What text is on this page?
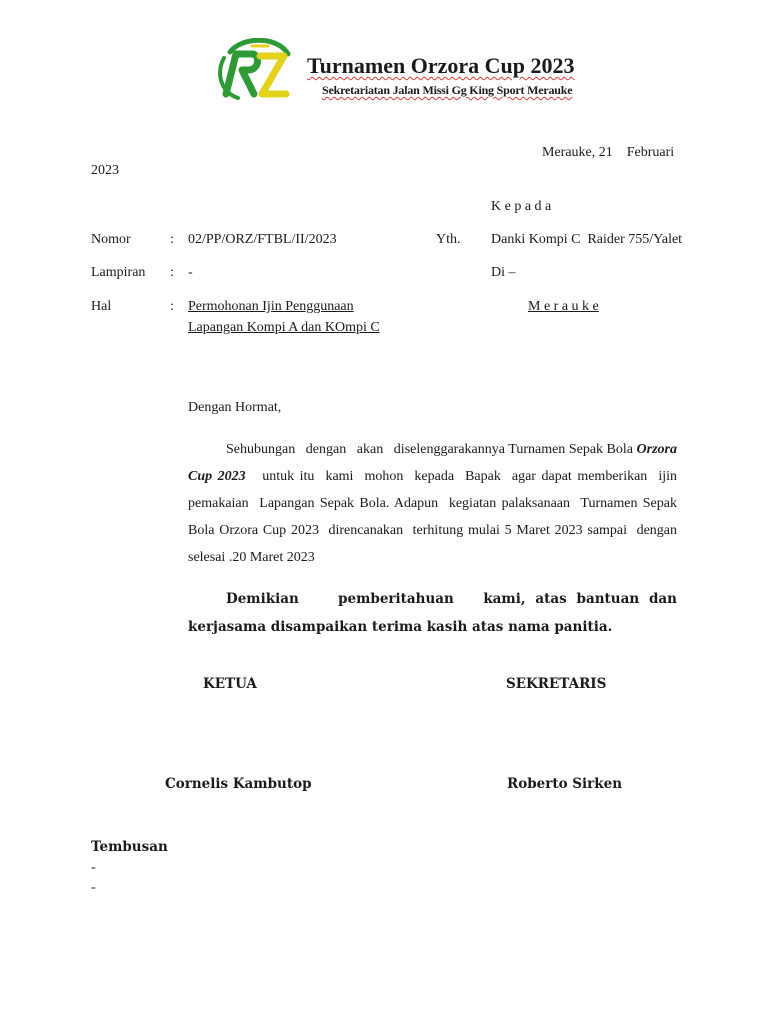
RZ
Turnamen Orzora Cup 2023
Sekretariatan Jalan Missi Gg King Sport Merauke
Merauke, 21    Februari
2023
K e p a d a
Nomor	: 02/PP/ORZ/FTBL/II/2023	Yth. Danki Kompi C  Raider 755/Yalet
Lampiran : -	Di –
Hal	: Permohonan Ijin Penggunaan
Lapangan Kompi A dan KOmpi C
M e r a u k e
Dengan Hormat,
Sehubungan   dengan   akan   diselenggarakannya Turnamen Sepak Bola Orzora Cup 2023   untuk itu  kami  mohon  kepada  Bapak  agar dapat memberikan  ijin  pemakaian  Lapangan Sepak Bola. Adapun  kegiatan palaksanaan  Turnamen Sepak Bola Orzora Cup 2023  direncanakan  terhitung mulai 5 Maret 2023 sampai  dengan  selesai .20 Maret 2023
Demikian    pemberitahuan   kami, atas bantuan dan kerjasama disampaikan terima kasih atas nama panitia.
KETUA	SEKRETARIS
Cornelis Kambutop	Roberto Sirken
Tembusan
-
-
